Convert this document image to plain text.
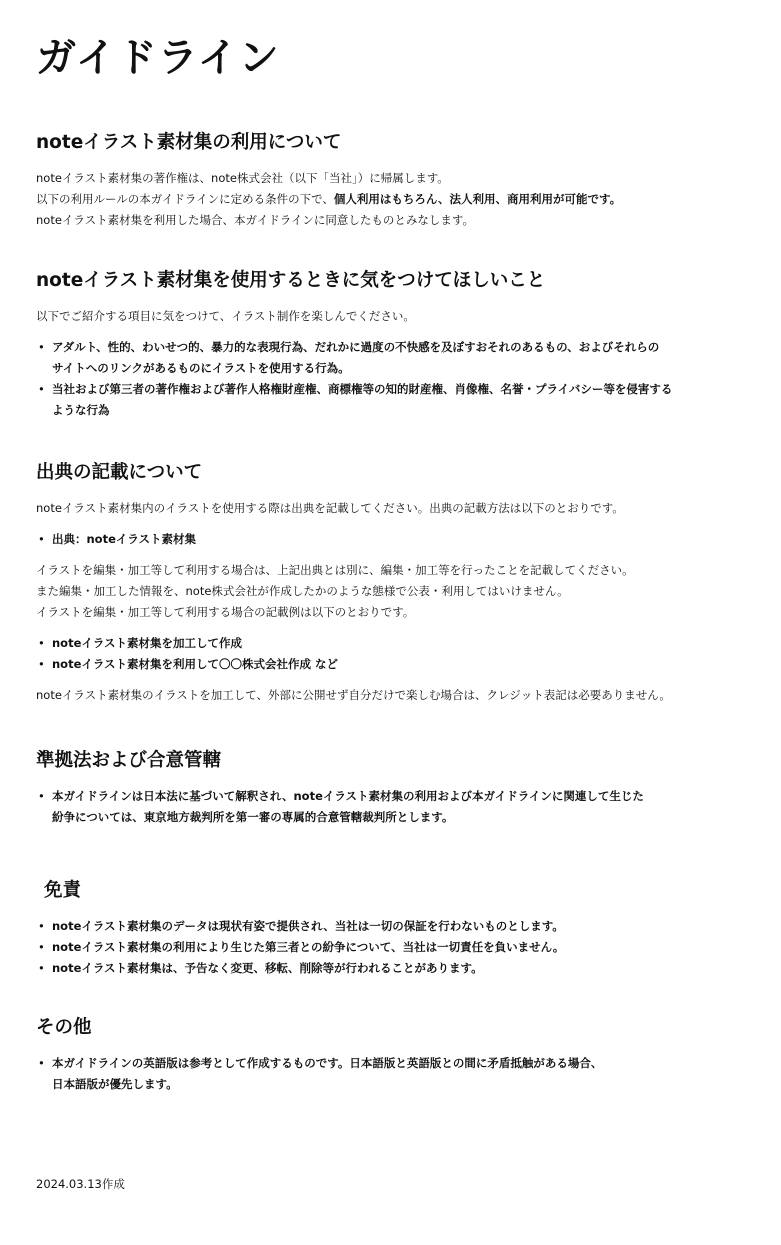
ガイドライン
noteイラスト素材集の利用について

noteイラスト素材集の著作権は、note株式会社（以下「当社」）に帰属します。

以下の利用ルールの本ガイドラインに定める条件の下で、個人利用はもちろん、法人利用、商用利用が可能です。

noteイラスト素材集を利用した場合、本ガイドラインに同意したものとみなします。

noteイラスト素材集を使用するときに気をつけてほしいこと

以下でご紹介する項目に気をつけて、イラスト制作を楽しんでください。

• アダルト、性的、わいせつ的、暴力的な表現行為、だれかに過度の不快感を及ぼすおそれのあるもの、およびそれらのサイトへのリンクがあるものにイラストを使用する行為。
• 当社および第三者の著作権および著作人格権財産権、商標権等の知的財産権、肖像権、名誉・プライバシー等を侵害するような行為
出典の記載について

noteイラスト素材集内のイラストを使用する際は出典を記載してください。出典の記載方法は以下のとおりです。

• 出典：noteイラスト素材集

イラストを編集・加工等して利用する場合は、上記出典とは別に、編集・加工等を行ったことを記載してください。

また編集・加工した情報を、note株式会社が作成したかのような態様で公表・利用してはいけません。

イラストを編集・加工等して利用する場合の記載例は以下のとおりです。

• noteイラスト素材集を加工して作成
• noteイラスト素材集を利用して〇〇株式会社作成 など

noteイラスト素材集のイラストを加工して、外部に公開せず自分だけで楽しむ場合は、クレジット表記は必要ありません。

準拠法および合意管轄
• 本ガイドラインは日本法に基づいて解釈され、noteイラスト素材集の利用および本ガイドラインに関連して生じた紛争については、東京地方裁判所を第一審の専属的合意管轄裁判所とします。
免責
• noteイラスト素材集のデータは現状有姿で提供され、当社は一切の保証を行わないものとします。
• noteイラスト素材集の利用により生じた第三者との紛争について、当社は一切責任を負いません。
• noteイラスト素材集は、予告なく変更、移転、削除等が行われることがあります。
その他
• 本ガイドラインの英語版は参考として作成するものです。日本語版と英語版との間に矛盾抵触がある場合、日本語版が優先します。
2024.03.13作成
